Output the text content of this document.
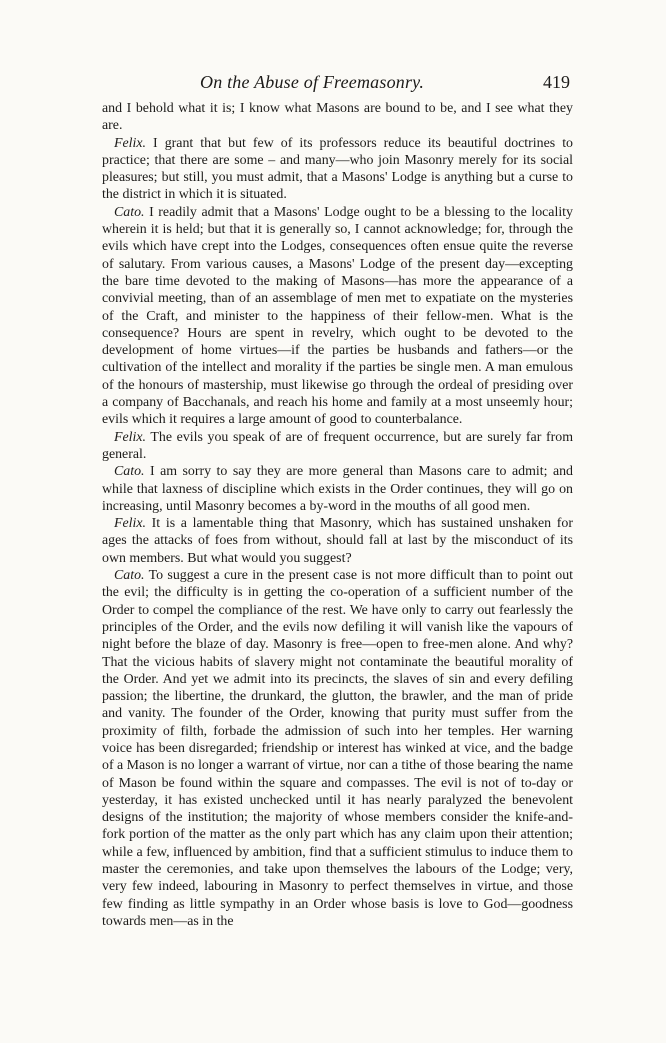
On the Abuse of Freemasonry.	419

and I behold what it is; I know what Masons are bound to be, and I see what they are.

Felix. I grant that but few of its professors reduce its beautiful doctrines to practice; that there are some – and many—who join Masonry merely for its social pleasures; but still, you must admit, that a Masons' Lodge is anything but a curse to the district in which it is situated.

Cato. I readily admit that a Masons' Lodge ought to be a blessing to the locality wherein it is held; but that it is generally so, I cannot acknowledge; for, through the evils which have crept into the Lodges, consequences often ensue quite the reverse of salutary. From various causes, a Masons' Lodge of the present day—excepting the bare time devoted to the making of Masons—has more the appearance of a convivial meeting, than of an assemblage of men met to expatiate on the mysteries of the Craft, and minister to the happiness of their fellow-men. What is the consequence? Hours are spent in revelry, which ought to be devoted to the development of home virtues—if the parties be husbands and fathers—or the cultivation of the intellect and morality if the parties be single men. A man emulous of the honours of mastership, must likewise go through the ordeal of presiding over a company of Bacchanals, and reach his home and family at a most unseemly hour; evils which it requires a large amount of good to counterbalance.

Felix. The evils you speak of are of frequent occurrence, but are surely far from general.

Cato. I am sorry to say they are more general than Masons care to admit; and while that laxness of discipline which exists in the Order continues, they will go on increasing, until Masonry becomes a by-word in the mouths of all good men.

Felix. It is a lamentable thing that Masonry, which has sustained unshaken for ages the attacks of foes from without, should fall at last by the misconduct of its own members. But what would you suggest?

Cato. To suggest a cure in the present case is not more difficult than to point out the evil; the difficulty is in getting the co-operation of a sufficient number of the Order to compel the compliance of the rest. We have only to carry out fearlessly the principles of the Order, and the evils now defiling it will vanish like the vapours of night before the blaze of day. Masonry is free—open to free-men alone. And why? That the vicious habits of slavery might not contaminate the beautiful morality of the Order. And yet we admit into its precincts, the slaves of sin and every defiling passion; the libertine, the drunkard, the glutton, the brawler, and the man of pride and vanity. The founder of the Order, knowing that purity must suffer from the proximity of filth, forbade the admission of such into her temples. Her warning voice has been disregarded; friendship or interest has winked at vice, and the badge of a Mason is no longer a warrant of virtue, nor can a tithe of those bearing the name of Mason be found within the square and compasses. The evil is not of to-day or yesterday, it has existed unchecked until it has nearly paralyzed the benevolent designs of the institution; the majority of whose members consider the knife-and-fork portion of the matter as the only part which has any claim upon their attention; while a few, influenced by ambition, find that a sufficient stimulus to induce them to master the ceremonies, and take upon themselves the labours of the Lodge; very, very few indeed, labouring in Masonry to perfect themselves in virtue, and those few finding as little sympathy in an Order whose basis is love to God—goodness towards men—as in the
